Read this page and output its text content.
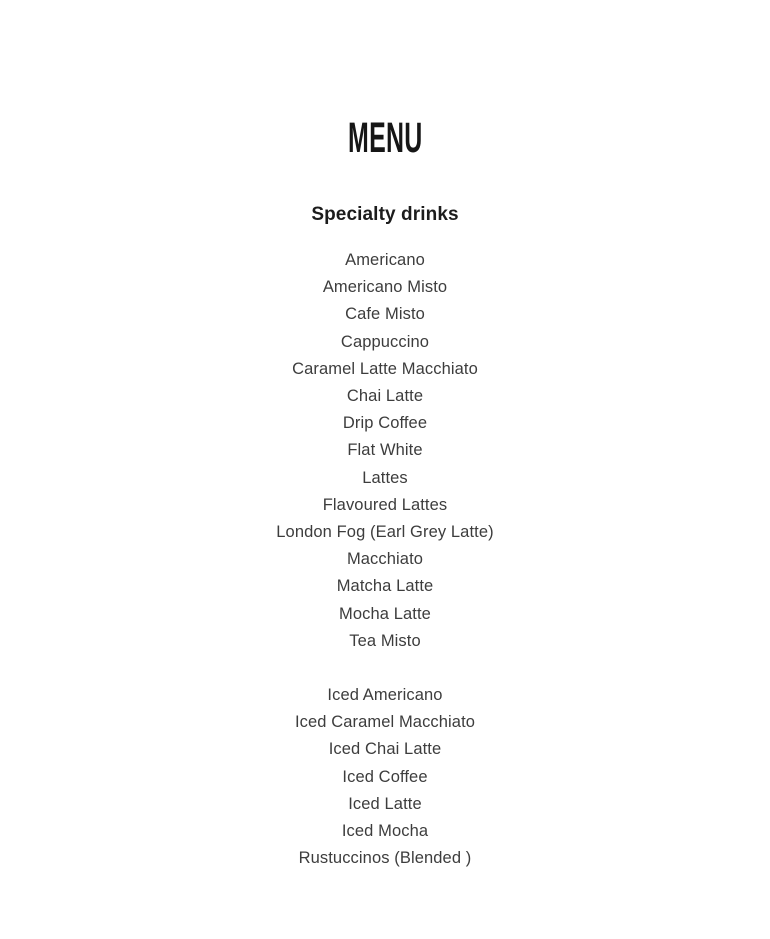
MENU
Specialty drinks
Americano
Americano Misto
Cafe Misto
Cappuccino
Caramel Latte Macchiato
Chai Latte
Drip Coffee
Flat White
Lattes
Flavoured Lattes
London Fog (Earl Grey Latte)
Macchiato
Matcha Latte
Mocha Latte
Tea Misto
Iced Americano
Iced Caramel Macchiato
Iced Chai Latte
Iced Coffee
Iced Latte
Iced Mocha
Rustuccinos (Blended )
